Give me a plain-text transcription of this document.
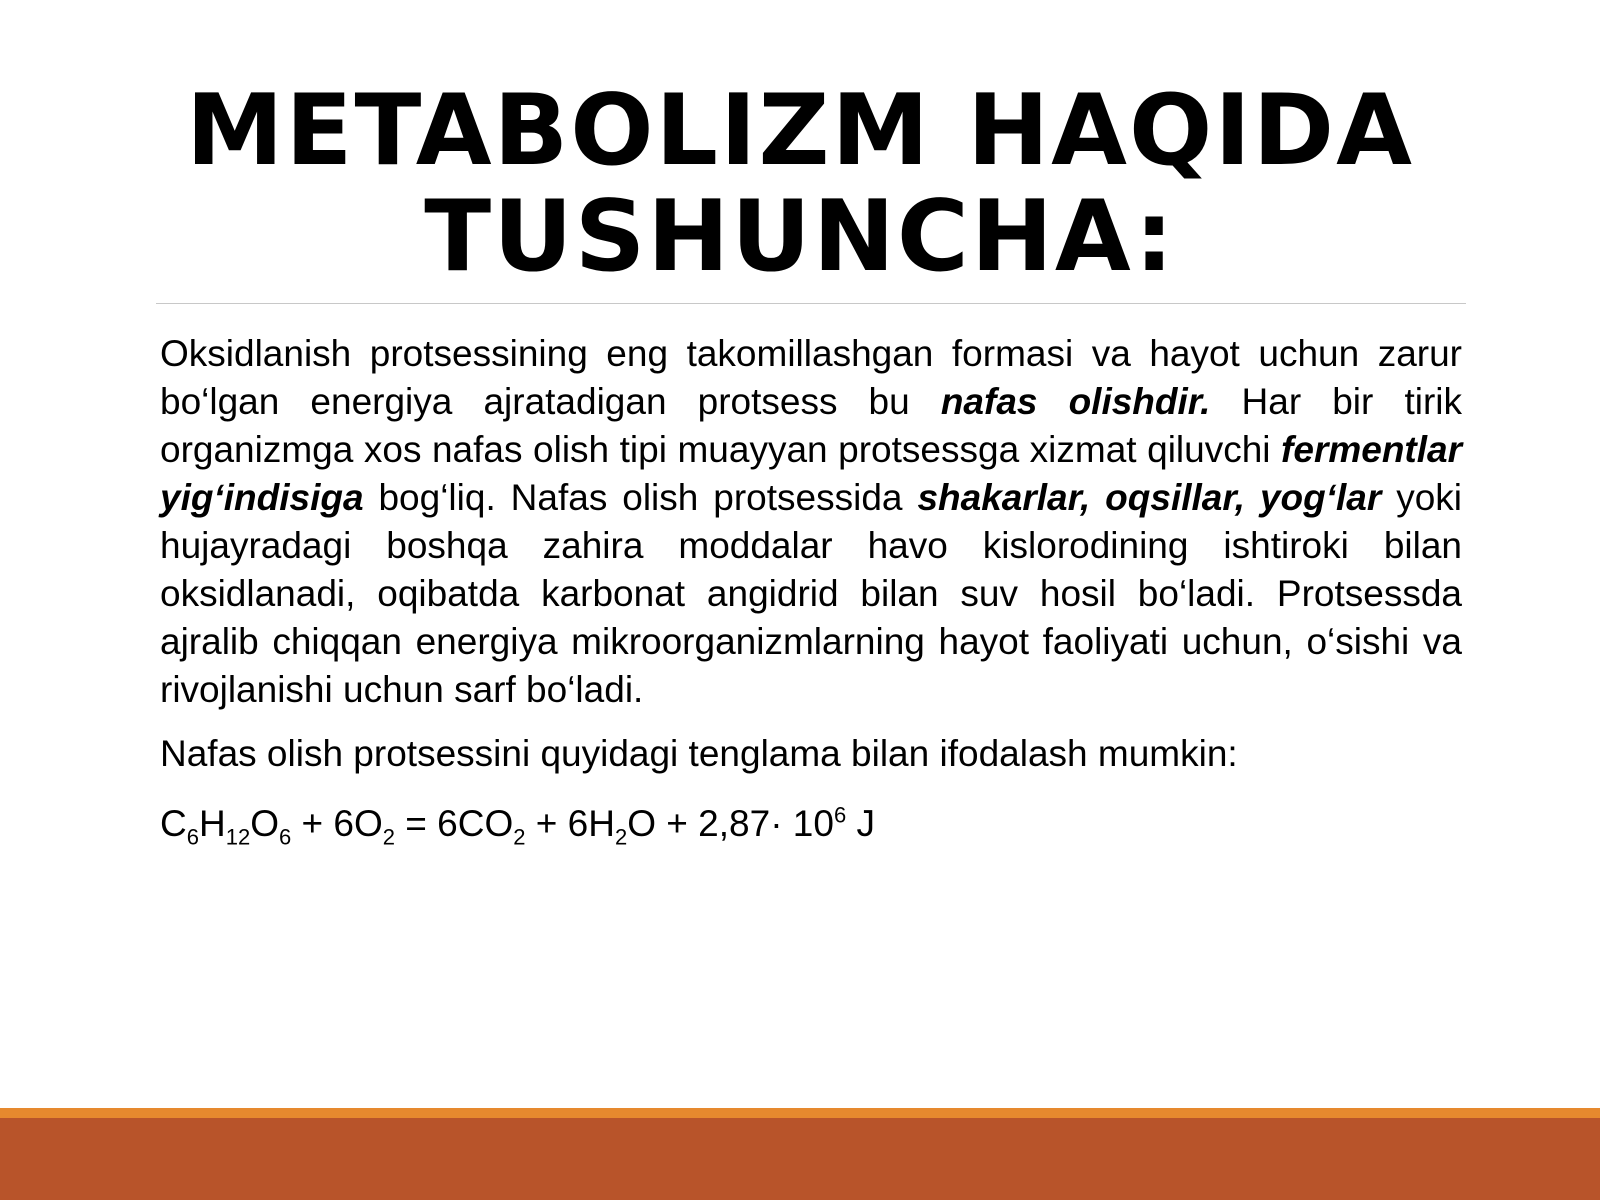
METABOLIZM HAQIDA
TUSHUNCHA:

Oksidlanish protsessining eng takomillashgan formasi va hayot uchun zarur bo‘lgan energiya ajratadigan protsess bu nafas olishdir. Har bir tirik organizmga xos nafas olish tipi muayyan protsessga xizmat qiluvchi fermentlar yig‘indisiga bog‘liq. Nafas olish protsessida shakarlar, oqsillar, yog‘lar yoki hujayradagi boshqa zahira moddalar havo kislorodining ishtiroki bilan oksidlanadi, oqibatda karbonat angidrid bilan suv hosil bo‘ladi. Protsessda ajralib chiqqan energiya mikroorganizmlarning hayot faoliyati uchun, o‘sishi va rivojlanishi uchun sarf bo‘ladi.

Nafas olish protsessini quyidagi tenglama bilan ifodalash mumkin:

$C_6H_{12}O_6 + 6O_2 = 6CO_2 + 6H_2O + 2,87\cdot 10^6$ J
